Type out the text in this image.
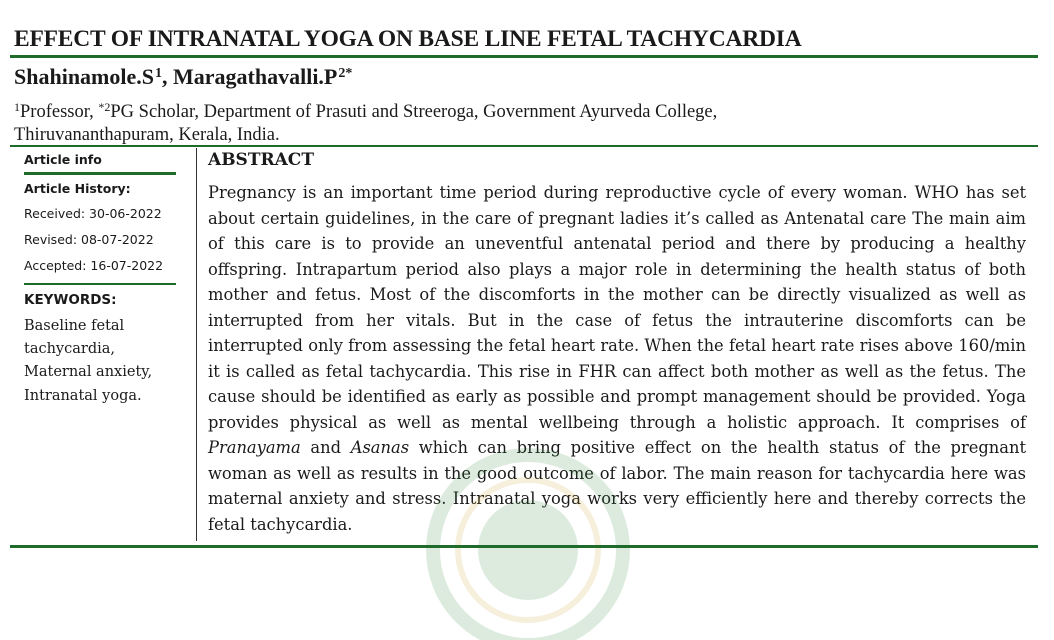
EFFECT OF INTRANATAL YOGA ON BASE LINE FETAL TACHYCARDIA
$Shahinamole.S^1$, $Maragathavalli.P^{2*}$
$^1$Professor, $^{*2}$PG Scholar, Department of Prasuti and Streeroga, Government Ayurveda College,
Thiruvananthapuram, Kerala, India.
Article info
Article History:
Received: 30-06-2022
Revised: 08-07-2022
Accepted: 16-07-2022
KEYWORDS:
Baseline fetal
tachycardia,
Maternal anxiety,
Intranatal yoga.
ABSTRACT
Pregnancy is an important time period during reproductive cycle of every woman. WHO has set about certain guidelines, in the care of pregnant ladies it’s called as Antenatal care The main aim of this care is to provide an uneventful antenatal period and there by producing a healthy offspring. Intrapartum period also plays a major role in determining the health status of both mother and fetus. Most of the discomforts in the mother can be directly visualized as well as interrupted from her vitals. But in the case of fetus the intrauterine discomforts can be interrupted only from assessing the fetal heart rate. When the fetal heart rate rises above 160/min it is called as fetal tachycardia. This rise in FHR can affect both mother as well as the fetus. The cause should be identified as early as possible and prompt management should be provided. Yoga provides physical as well as mental wellbeing through a holistic approach. It comprises of Pranayama and Asanas which can bring positive effect on the health status of the pregnant woman as well as results in the good outcome of labor. The main reason for tachycardia here was maternal anxiety and stress. Intranatal yoga works very efficiently here and thereby corrects the fetal tachycardia.
